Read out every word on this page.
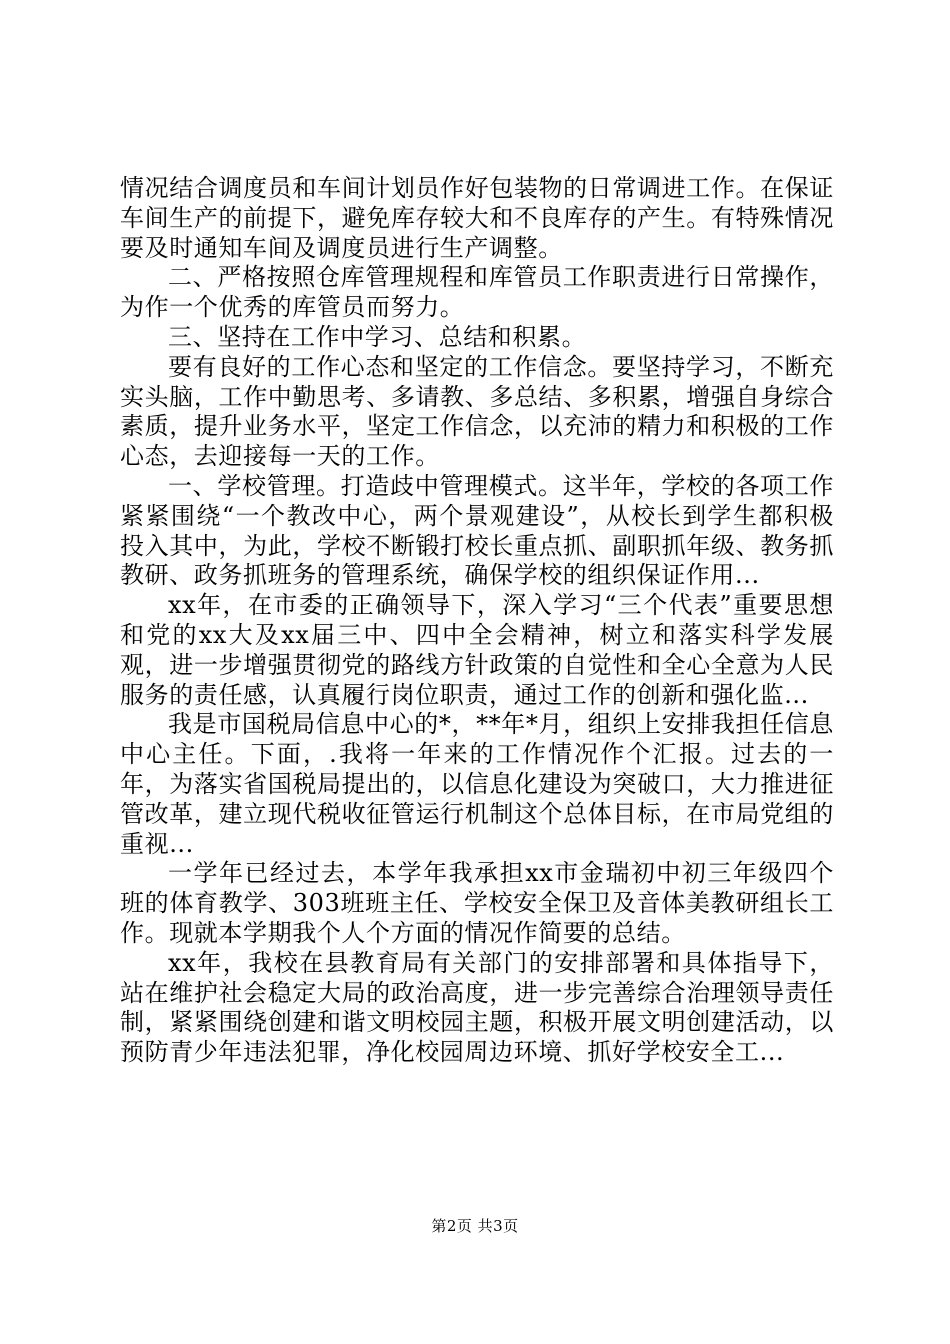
情况结合调度员和车间计划员作好包装物的日常调进工作。在保证车间生产的前提下，避免库存较大和不良库存的产生。有特殊情况要及时通知车间及调度员进行生产调整。

二、严格按照仓库管理规程和库管员工作职责进行日常操作，为作一个优秀的库管员而努力。

三、坚持在工作中学习、总结和积累。

要有良好的工作心态和坚定的工作信念。要坚持学习，不断充实头脑，工作中勤思考、多请教、多总结、多积累，增强自身综合素质，提升业务水平，坚定工作信念，以充沛的精力和积极的工作心态，去迎接每一天的工作。

一、学校管理。打造歧中管理模式。这半年，学校的各项工作紧紧围绕“一个教改中心，两个景观建设”，从校长到学生都积极投入其中，为此，学校不断锻打校长重点抓、副职抓年级、教务抓教研、政务抓班务的管理系统，确保学校的组织保证作用...

xx年，在市委的正确领导下，深入学习“三个代表”重要思想和党的xx大及xx届三中、四中全会精神，树立和落实科学发展观，进一步增强贯彻党的路线方针政策的自觉性和全心全意为人民服务的责任感，认真履行岗位职责，通过工作的创新和强化监...

我是市国税局信息中心的*，**年*月，组织上安排我担任信息中心主任。下面，.我将一年来的工作情况作个汇报。过去的一年，为落实省国税局提出的，以信息化建设为突破口，大力推进征管改革，建立现代税收征管运行机制这个总体目标，在市局党组的重视...

一学年已经过去，本学年我承担xx市金瑞初中初三年级四个班的体育教学、303班班主任、学校安全保卫及音体美教研组长工作。现就本学期我个人个方面的情况作简要的总结。

xx年，我校在县教育局有关部门的安排部署和具体指导下，站在维护社会稳定大局的政治高度，进一步完善综合治理领导责任制，紧紧围绕创建和谐文明校园主题，积极开展文明创建活动，以预防青少年违法犯罪，净化校园周边环境、抓好学校安全工...

第2页 共3页
